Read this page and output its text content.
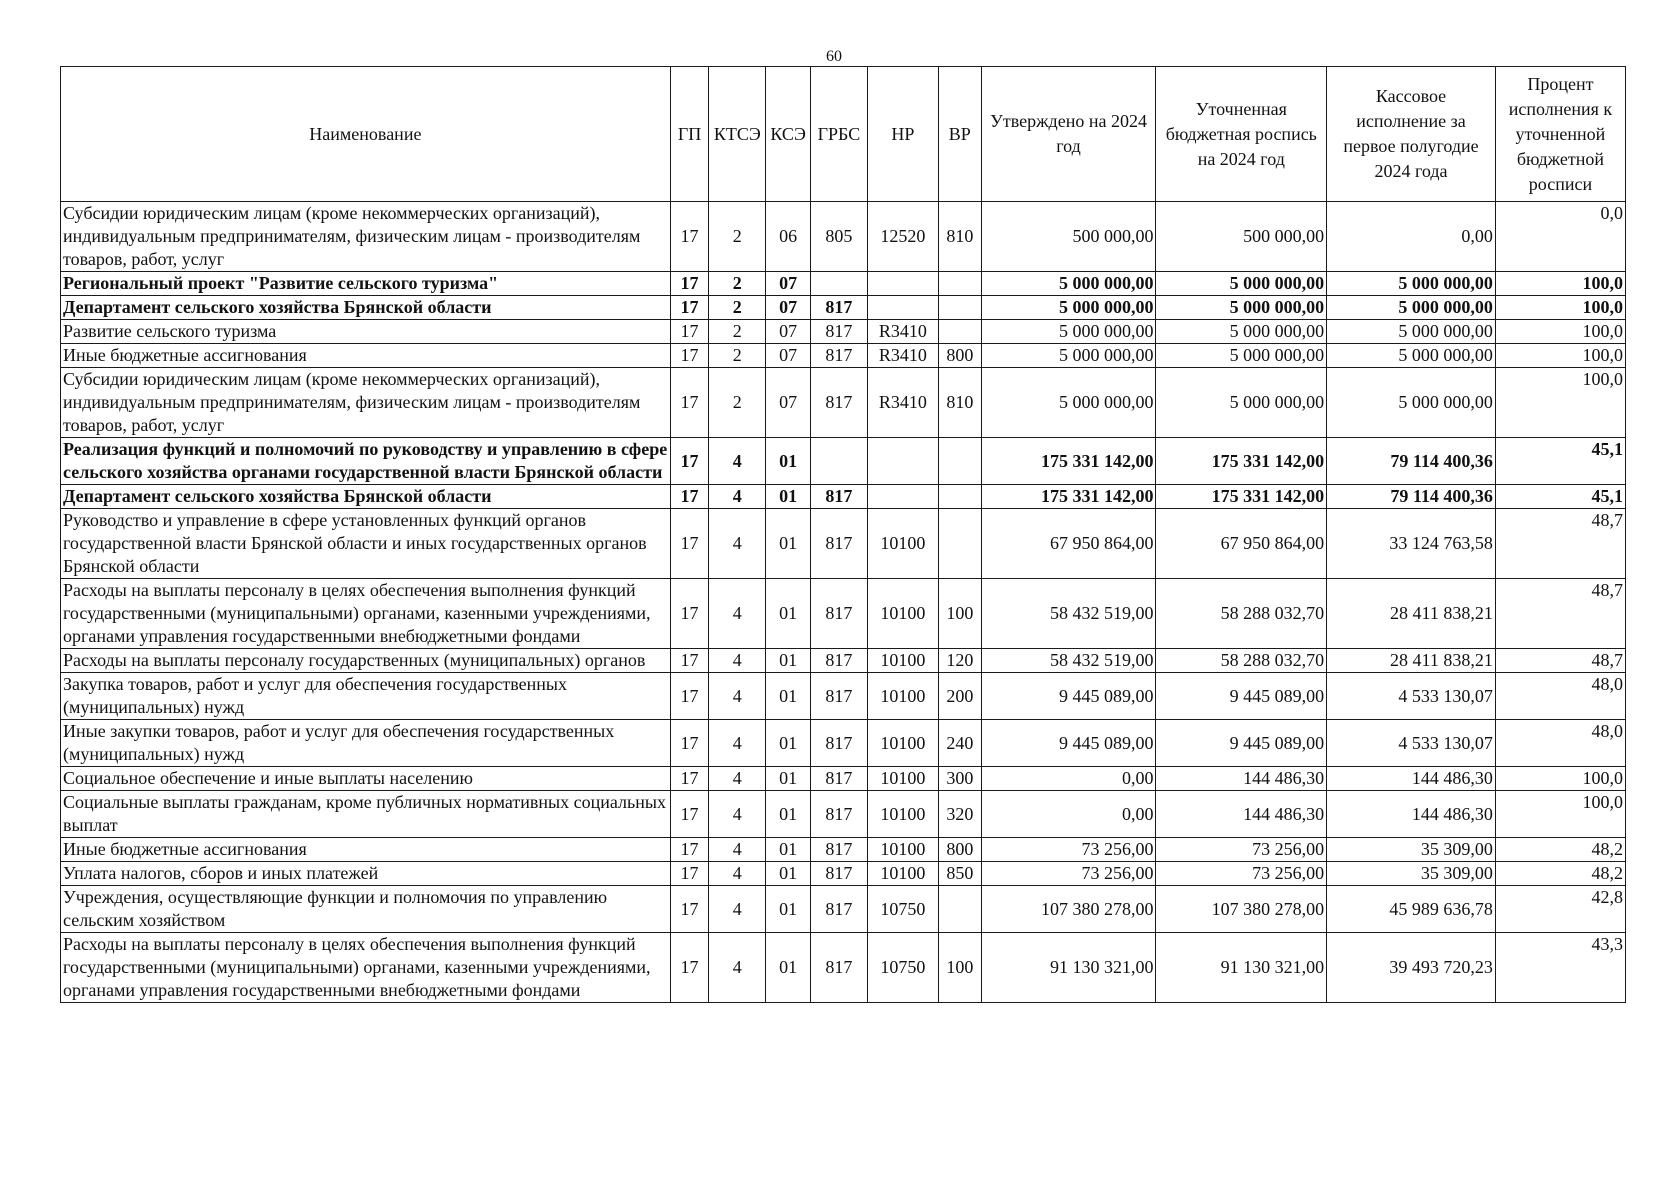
60
Наименование	ГП	КТСЭ	КСЭ	ГРБС	НР	ВР	Утверждено на 2024 год	Уточненная бюджетная роспись на 2024 год	Кассовое исполнение за первое полугодие 2024 года	Процент исполнения к уточненной бюджетной росписи
Субсидии юридическим лицам (кроме некоммерческих организаций), индивидуальным предпринимателям, физическим лицам - производителям товаров, работ, услуг	17	2	06	805	12520	810	500 000,00	500 000,00	0,00	0,0
Региональный проект "Развитие сельского туризма"	17	2	07				5 000 000,00	5 000 000,00	5 000 000,00	100,0
Департамент сельского хозяйства Брянской области	17	2	07	817			5 000 000,00	5 000 000,00	5 000 000,00	100,0
Развитие сельского туризма	17	2	07	817	R3410		5 000 000,00	5 000 000,00	5 000 000,00	100,0
Иные бюджетные ассигнования	17	2	07	817	R3410	800	5 000 000,00	5 000 000,00	5 000 000,00	100,0
Субсидии юридическим лицам (кроме некоммерческих организаций), индивидуальным предпринимателям, физическим лицам - производителям товаров, работ, услуг	17	2	07	817	R3410	810	5 000 000,00	5 000 000,00	5 000 000,00	100,0
Реализация функций и полномочий по руководству и управлению в сфере сельского хозяйства органами государственной власти Брянской области	17	4	01				175 331 142,00	175 331 142,00	79 114 400,36	45,1
Департамент сельского хозяйства Брянской области	17	4	01	817			175 331 142,00	175 331 142,00	79 114 400,36	45,1
Руководство и управление в сфере установленных функций органов государственной власти Брянской области и иных государственных органов Брянской области	17	4	01	817	10100		67 950 864,00	67 950 864,00	33 124 763,58	48,7
Расходы на выплаты персоналу в целях обеспечения выполнения функций государственными (муниципальными) органами, казенными учреждениями, органами управления государственными внебюджетными фондами	17	4	01	817	10100	100	58 432 519,00	58 288 032,70	28 411 838,21	48,7
Расходы на выплаты персоналу государственных (муниципальных) органов	17	4	01	817	10100	120	58 432 519,00	58 288 032,70	28 411 838,21	48,7
Закупка товаров, работ и услуг для обеспечения государственных (муниципальных) нужд	17	4	01	817	10100	200	9 445 089,00	9 445 089,00	4 533 130,07	48,0
Иные закупки товаров, работ и услуг для обеспечения государственных (муниципальных) нужд	17	4	01	817	10100	240	9 445 089,00	9 445 089,00	4 533 130,07	48,0
Социальное обеспечение и иные выплаты населению	17	4	01	817	10100	300	0,00	144 486,30	144 486,30	100,0
Социальные выплаты гражданам, кроме публичных нормативных социальных выплат	17	4	01	817	10100	320	0,00	144 486,30	144 486,30	100,0
Иные бюджетные ассигнования	17	4	01	817	10100	800	73 256,00	73 256,00	35 309,00	48,2
Уплата налогов, сборов и иных платежей	17	4	01	817	10100	850	73 256,00	73 256,00	35 309,00	48,2
Учреждения, осуществляющие функции и полномочия по управлению сельским хозяйством	17	4	01	817	10750		107 380 278,00	107 380 278,00	45 989 636,78	42,8
Расходы на выплаты персоналу в целях обеспечения выполнения функций государственными (муниципальными) органами, казенными учреждениями, органами управления государственными внебюджетными фондами	17	4	01	817	10750	100	91 130 321,00	91 130 321,00	39 493 720,23	43,3
